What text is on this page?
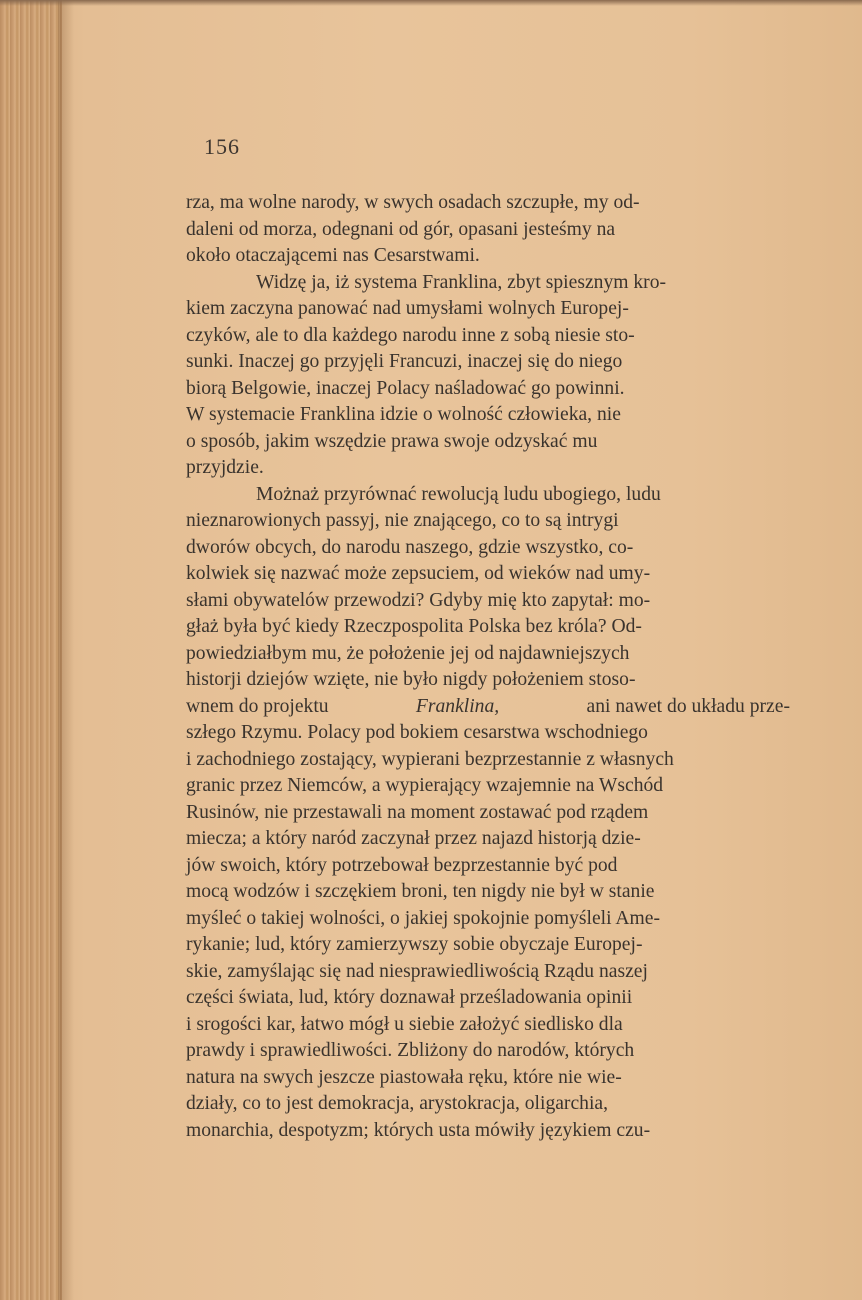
156
rza, ma wolne narody, w swych osadach szczupłe, my od-
daleni od morza, odegnani od gór, opasani jesteśmy na
około otaczającemi nas Cesarstwami.
Widzę ja, iż systema Franklina, zbyt spiesznym kro-
kiem zaczyna panować nad umysłami wolnych Europej-
czyków, ale to dla każdego narodu inne z sobą niesie sto-
sunki. Inaczej go przyjęli Francuzi, inaczej się do niego
biorą Belgowie, inaczej Polacy naśladować go powinni.
W systemacie Franklina idzie o wolność człowieka, nie
o sposób, jakim wszędzie prawa swoje odzyskać mu
przyjdzie.
Możnaż przyrównać rewolucją ludu ubogiego, ludu
nieznarowionych passyj, nie znającego, co to są intrygi
dworów obcych, do narodu naszego, gdzie wszystko, co-
kolwiek się nazwać może zepsuciem, od wieków nad umy-
słami obywatelów przewodzi? Gdyby mię kto zapytał: mo-
głaż była być kiedy Rzeczpospolita Polska bez króla? Od-
powiedziałbym mu, że położenie jej od najdawniejszych
historji dziejów wzięte, nie było nigdy położeniem stoso-
wnem do projektu	Franklina,	ani nawet do układu prze-
szłego Rzymu. Polacy pod bokiem cesarstwa wschodniego
i zachodniego zostający, wypierani bezprzestannie z własnych
granic przez Niemców, a wypierający wzajemnie na Wschód
Rusinów, nie przestawali na moment zostawać pod rządem
miecza; a który naród zaczynał przez najazd historją dzie-
jów swoich, który potrzebował bezprzestannie być pod
mocą wodzów i szczękiem broni, ten nigdy nie był w stanie
myśleć o takiej wolności, o jakiej spokojnie pomyśleli Ame-
rykanie; lud, który zamierzywszy sobie obyczaje Europej-
skie, zamyślając się nad niesprawiedliwością Rządu naszej
części świata, lud, który doznawał prześladowania opinii
i srogości kar, łatwo mógł u siebie założyć siedlisko dla
prawdy i sprawiedliwości. Zbliżony do narodów, których
natura na swych jeszcze piastowała ręku, które nie wie-
działy, co to jest demokracja, arystokracja, oligarchia,
monarchia, despotyzm; których usta mówiły językiem czu-
